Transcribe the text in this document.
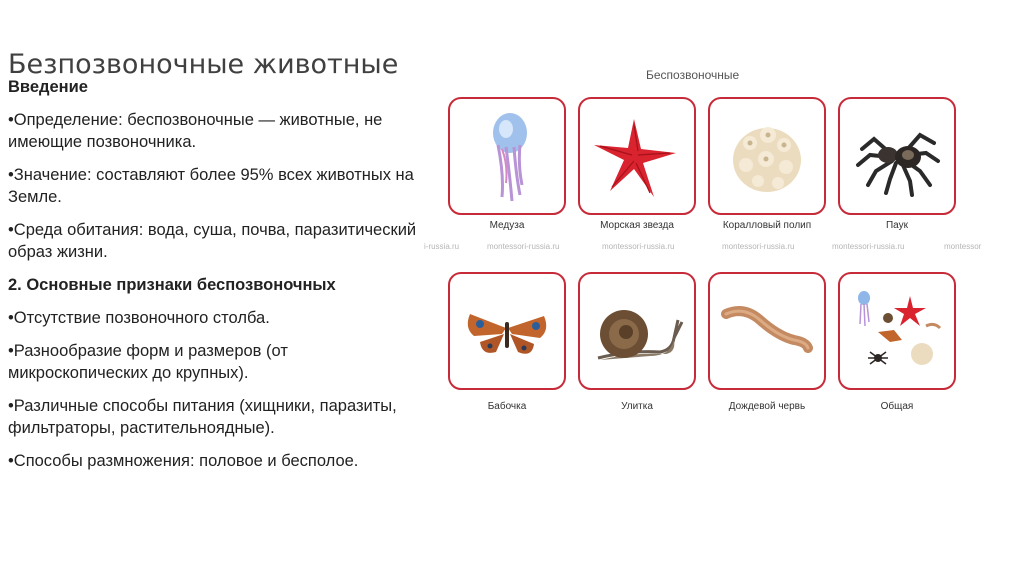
Безпозвоночные животные

Введение

•Определение: беспозвоночные — животные, не имеющие позвоночника.

•Значение: составляют более 95% всех животных на Земле.

•Среда обитания: вода, суша, почва, паразитический образ жизни.

2. Основные признаки беспозвоночных

•Отсутствие позвоночного столба.

•Разнообразие форм и размеров (от микроскопических до крупных).

•Различные способы питания (хищники, паразиты, фильтраторы, растительноядные).

•Способы размножения: половое и бесполое.

Беспозвоночные
Медуза	Морская звезда	Коралловый полип	Паук
i-russia.ru	montessori-russia.ru	montessori-russia.ru	montessori-russia.ru	montessori-russia.ru	montessor
Бабочка	Улитка	Дождевой червь	Общая
